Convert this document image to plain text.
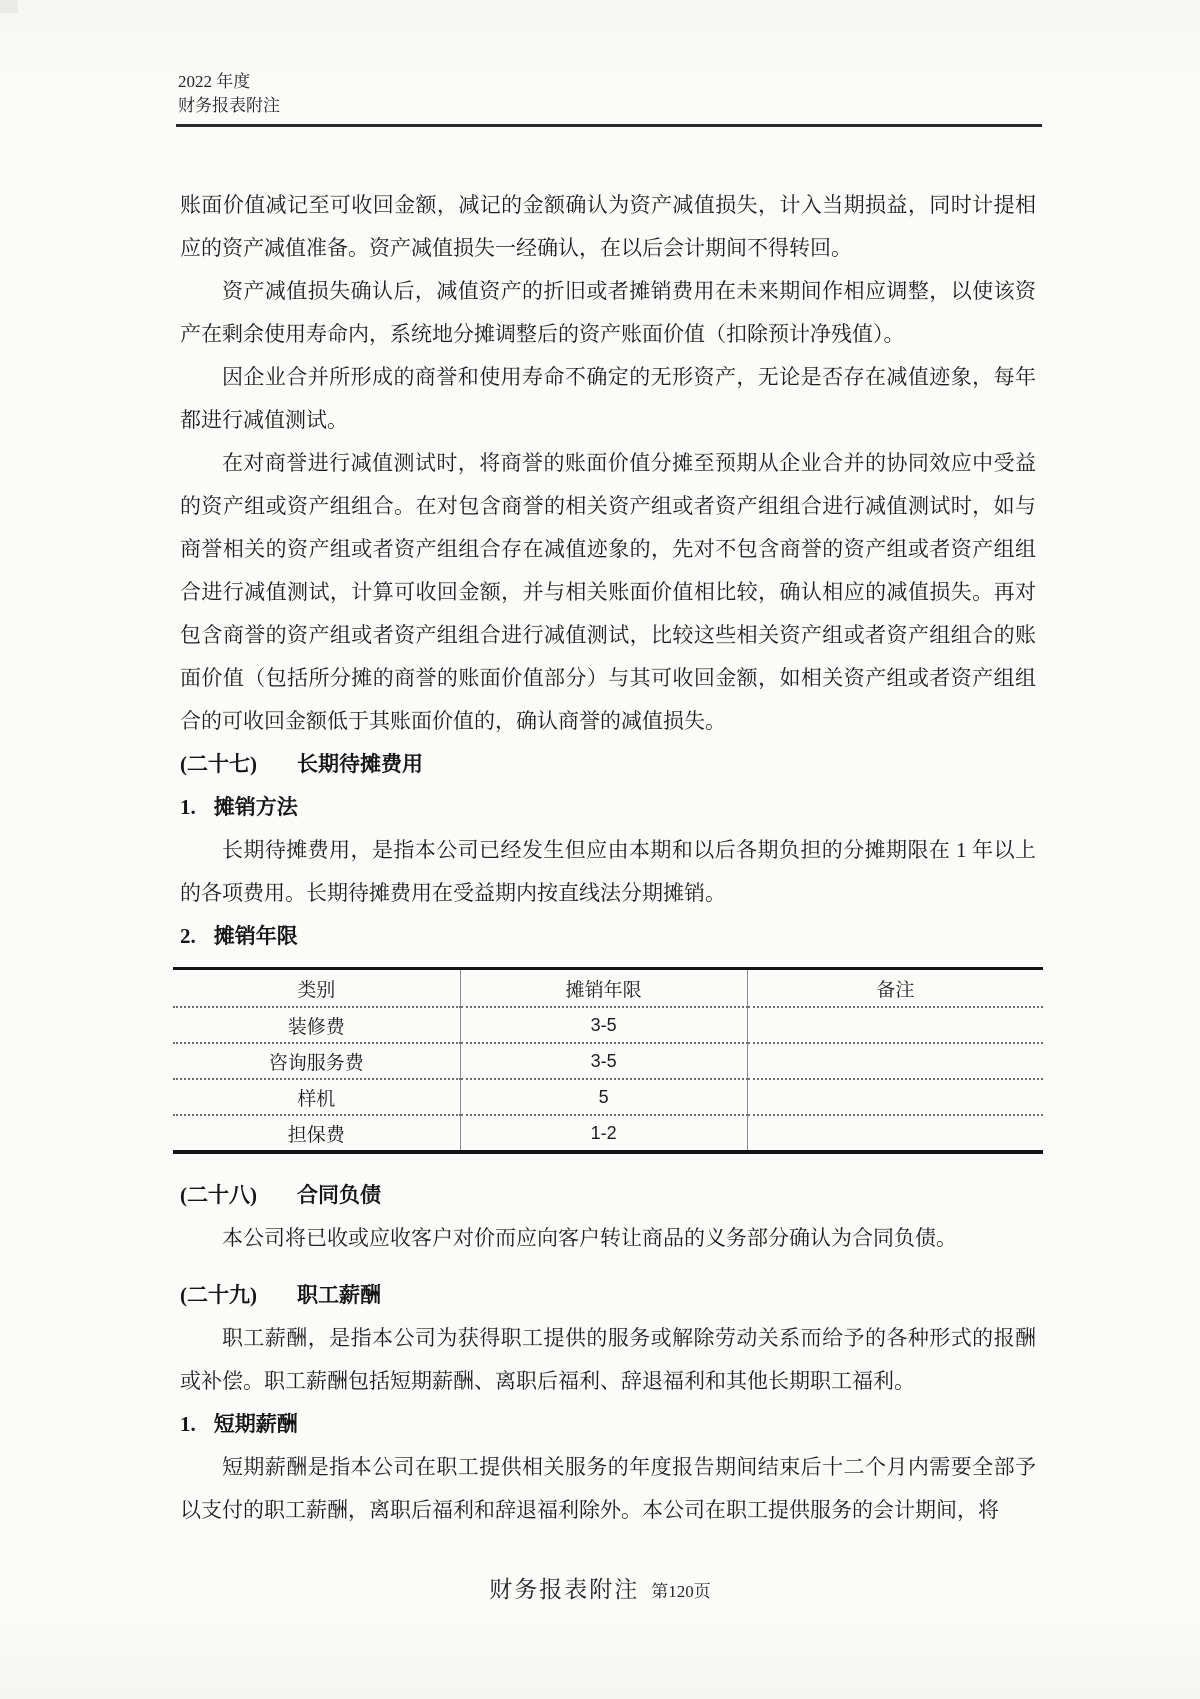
2022 年度
财务报表附注

账面价值减记至可收回金额，减记的金额确认为资产减值损失，计入当期损益，同时计提相应的资产减值准备。资产减值损失一经确认，在以后会计期间不得转回。

资产减值损失确认后，减值资产的折旧或者摊销费用在未来期间作相应调整，以使该资产在剩余使用寿命内，系统地分摊调整后的资产账面价值（扣除预计净残值）。

因企业合并所形成的商誉和使用寿命不确定的无形资产，无论是否存在减值迹象，每年都进行减值测试。

在对商誉进行减值测试时，将商誉的账面价值分摊至预期从企业合并的协同效应中受益的资产组或资产组组合。在对包含商誉的相关资产组或者资产组组合进行减值测试时，如与商誉相关的资产组或者资产组组合存在减值迹象的，先对不包含商誉的资产组或者资产组组合进行减值测试，计算可收回金额，并与相关账面价值相比较，确认相应的减值损失。再对包含商誉的资产组或者资产组组合进行减值测试，比较这些相关资产组或者资产组组合的账面价值（包括所分摊的商誉的账面价值部分）与其可收回金额，如相关资产组或者资产组组合的可收回金额低于其账面价值的，确认商誉的减值损失。

(二十七) 长期待摊费用

1. 摊销方法

长期待摊费用，是指本公司已经发生但应由本期和以后各期负担的分摊期限在 1 年以上的各项费用。长期待摊费用在受益期内按直线法分期摊销。

2. 摊销年限

类别	摊销年限	备注
装修费	3-5	
咨询服务费	3-5	
样机	5	
担保费	1-2	

(二十八) 合同负债

本公司将已收或应收客户对价而应向客户转让商品的义务部分确认为合同负债。

(二十九) 职工薪酬

职工薪酬，是指本公司为获得职工提供的服务或解除劳动关系而给予的各种形式的报酬或补偿。职工薪酬包括短期薪酬、离职后福利、辞退福利和其他长期职工福利。

1. 短期薪酬

短期薪酬是指本公司在职工提供相关服务的年度报告期间结束后十二个月内需要全部予以支付的职工薪酬，离职后福利和辞退福利除外。本公司在职工提供服务的会计期间，将

财务报表附注 第120页
